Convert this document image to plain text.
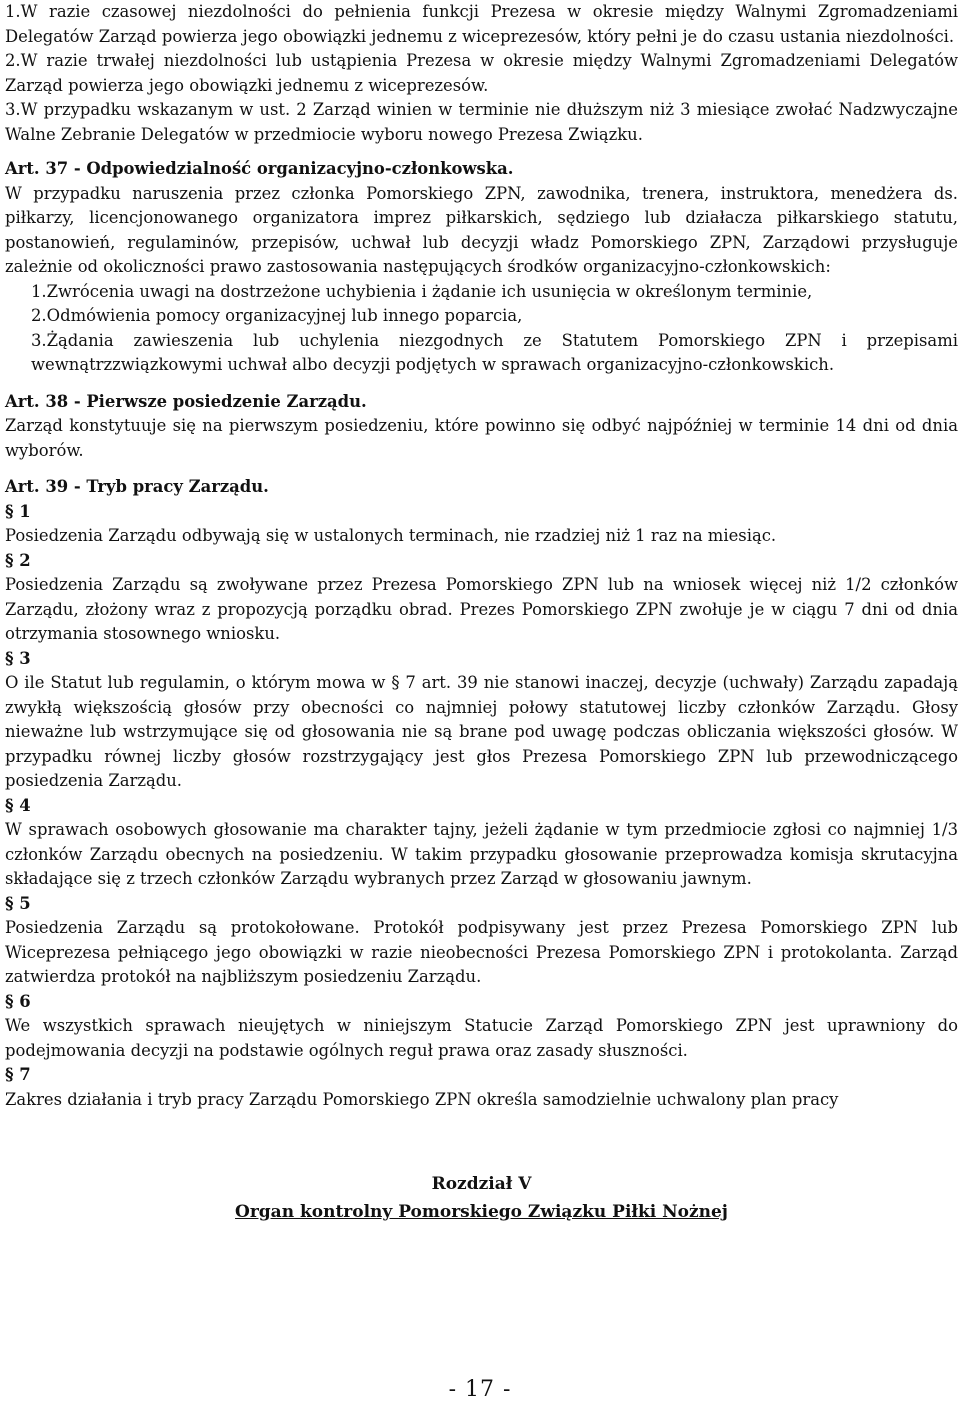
1.W razie czasowej niezdolności do pełnienia funkcji Prezesa w okresie między Walnymi Zgromadzeniami Delegatów Zarząd powierza jego obowiązki jednemu z wiceprezesów, który pełni je do czasu ustania niezdolności.

2.W razie trwałej niezdolności lub ustąpienia Prezesa w okresie między Walnymi Zgromadzeniami Delegatów Zarząd powierza jego obowiązki jednemu z wiceprezesów.

3.W przypadku wskazanym w ust. 2 Zarząd winien w terminie nie dłuższym niż 3 miesiące zwołać Nadzwyczajne Walne Zebranie Delegatów w przedmiocie wyboru nowego Prezesa Związku.

Art. 37 - Odpowiedzialność organizacyjno-członkowska.

W przypadku naruszenia przez członka Pomorskiego ZPN, zawodnika, trenera, instruktora, menedżera ds. piłkarzy, licencjonowanego organizatora imprez piłkarskich, sędziego lub działacza piłkarskiego statutu, postanowień, regulaminów, przepisów, uchwał lub decyzji władz Pomorskiego ZPN, Zarządowi przysługuje zależnie od okoliczności prawo zastosowania następujących środków organizacyjno-członkowskich:

1.Zwrócenia uwagi na dostrzeżone uchybienia i żądanie ich usunięcia w określonym terminie,

2.Odmówienia pomocy organizacyjnej lub innego poparcia,

3.Żądania zawieszenia lub uchylenia niezgodnych ze Statutem Pomorskiego ZPN i przepisami wewnątrzzwiązkowymi uchwał albo decyzji podjętych w sprawach organizacyjno-członkowskich.

Art. 38 - Pierwsze posiedzenie Zarządu.

Zarząd konstytuuje się na pierwszym posiedzeniu, które powinno się odbyć najpóźniej w terminie 14 dni od dnia wyborów.

Art. 39 - Tryb pracy Zarządu.

§ 1

Posiedzenia Zarządu odbywają się w ustalonych terminach, nie rzadziej niż 1 raz na miesiąc.

§ 2

Posiedzenia Zarządu są zwoływane przez Prezesa Pomorskiego ZPN lub na wniosek więcej niż 1/2 członków Zarządu, złożony wraz z propozycją porządku obrad. Prezes Pomorskiego ZPN zwołuje je w ciągu 7 dni od dnia otrzymania stosownego wniosku.

§ 3

O ile Statut lub regulamin, o którym mowa w § 7 art. 39 nie stanowi inaczej, decyzje (uchwały) Zarządu zapadają zwykłą większością głosów przy obecności co najmniej połowy statutowej liczby członków Zarządu. Głosy nieważne lub wstrzymujące się od głosowania nie są brane pod uwagę podczas obliczania większości głosów. W przypadku równej liczby głosów rozstrzygający jest głos Prezesa Pomorskiego ZPN lub przewodniczącego posiedzenia Zarządu.

§ 4

W sprawach osobowych głosowanie ma charakter tajny, jeżeli żądanie w tym przedmiocie zgłosi co najmniej 1/3 członków Zarządu obecnych na posiedzeniu. W takim przypadku głosowanie przeprowadza komisja skrutacyjna składające się z trzech członków Zarządu wybranych przez Zarząd w głosowaniu jawnym.

§ 5

Posiedzenia Zarządu są protokołowane. Protokół podpisywany jest przez Prezesa Pomorskiego ZPN lub Wiceprezesa pełniącego jego obowiązki w razie nieobecności Prezesa Pomorskiego ZPN i protokolanta. Zarząd zatwierdza protokół na najbliższym posiedzeniu Zarządu.

§ 6

We wszystkich sprawach nieujętych w niniejszym Statucie Zarząd Pomorskiego ZPN jest uprawniony do podejmowania decyzji na podstawie ogólnych reguł prawa oraz zasady słuszności.

§ 7

Zakres działania i tryb pracy Zarządu Pomorskiego ZPN określa samodzielnie uchwalony plan pracy

Rozdział V

Organ kontrolny Pomorskiego Związku Piłki Nożnej

- 17 -
